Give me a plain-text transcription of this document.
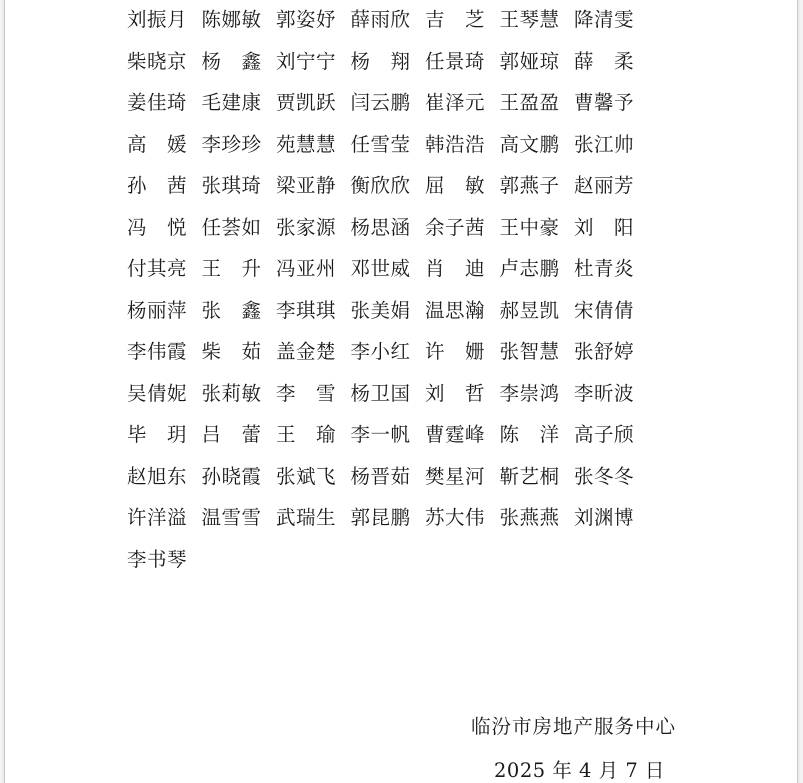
刘振月 陈娜敏 郭姿妤 薛雨欣 吉　芝 王琴慧 降清雯
柴晓京 杨　鑫 刘宁宁 杨　翔 任景琦 郭娅琼 薛　柔
姜佳琦 毛建康 贾凯跃 闫云鹏 崔泽元 王盈盈 曹馨予
高　媛 李珍珍 苑慧慧 任雪莹 韩浩浩 高文鹏 张江帅
孙　茜 张琪琦 梁亚静 衡欣欣 屈　敏 郭燕子 赵丽芳
冯　悦 任荟如 张家源 杨思涵 余子茜 王中豪 刘　阳
付其亮 王　升 冯亚州 邓世威 肖　迪 卢志鹏 杜青炎
杨丽萍 张　鑫 李琪琪 张美娟 温思瀚 郝昱凯 宋倩倩
李伟霞 柴　茹 盖金楚 李小红 许　姗 张智慧 张舒婷
吴倩妮 张莉敏 李　雪 杨卫国 刘　哲 李崇鸿 李昕波
毕　玥 吕　蕾 王　瑜 李一帆 曹霆峰 陈　洋 高子颀
赵旭东 孙晓霞 张斌飞 杨晋茹 樊星河 靳艺桐 张冬冬
许洋溢 温雪雪 武瑞生 郭昆鹏 苏大伟 张燕燕 刘渊博
李书琴
临汾市房地产服务中心
2025 年 4 月 7 日
